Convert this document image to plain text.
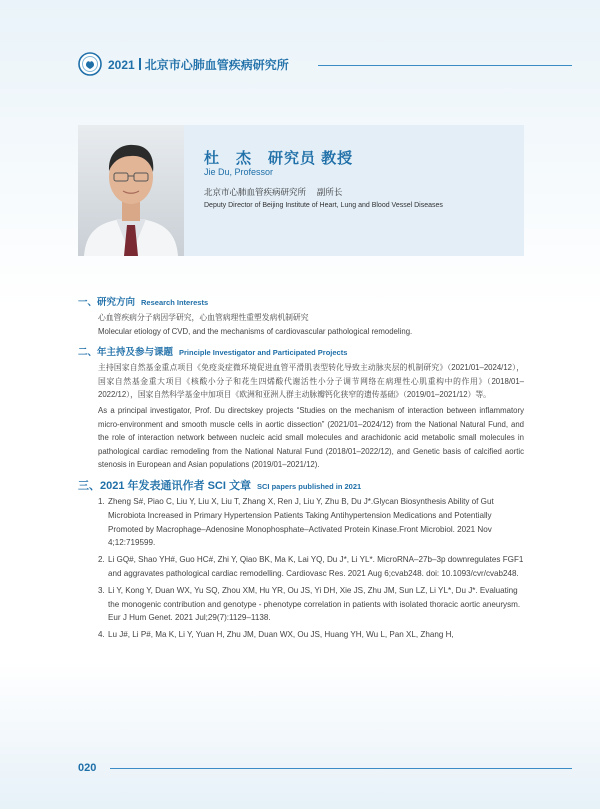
2021 北京市心肺血管疾病研究所
杜　杰　研究员 教授
Jie Du, Professor
北京市心肺血管疾病研究所　 副所长
Deputy Director of Beijing Institute of Heart, Lung and Blood Vessel Diseases
一、研究方向 Research Interests
心血管疾病分子病因学研究，心血管病理性重塑发病机制研究
Molecular etiology of CVD, and the mechanisms of cardiovascular pathological remodeling.
二、年主持及参与课题 Principle Investigator and Participated Projects
主持国家自然基金重点项目《免疫炎症微环境促进血管平滑肌表型转化导致主动脉夹层的机制研究》（2021/01–2024/12），国家自然基金重大项目《核酸小分子和花生四烯酸代谢活性小分子调节网络在病理性心肌重构中的作用》（2018/01–2022/12），国家自然科学基金中加项目《欧洲和亚洲人群主动脉瓣钙化狭窄的遗传基础》（2019/01–2021/12）等。
As a principal investigator, Prof. Du directskey projects “Studies on the mechanism of interaction between inflammatory micro-environment and smooth muscle cells in aortic dissection” (2021/01–2024/12) from the National Natural Fund, and the role of interaction network between nucleic acid small molecules and arachidonic acid metabolic small molecules in pathological cardiac remodeling from the National Natural Fund (2018/01–2022/12), and Genetic basis of calcified aortic stenosis in European and Asian populations (2019/01–2021/12).
三、2021 年发表通讯作者 SCI 文章 SCI papers published in 2021
1. Zheng S#, Piao C, Liu Y, Liu X, Liu T, Zhang X, Ren J, Liu Y, Zhu B, Du J*.Glycan Biosynthesis Ability of Gut Microbiota Increased in Primary Hypertension Patients Taking Antihypertension Medications and Potentially Promoted by Macrophage–Adenosine Monophosphate–Activated Protein Kinase.Front Microbiol. 2021 Nov 4;12:719599.
2. Li GQ#, Shao YH#, Guo HC#, Zhi Y, Qiao BK, Ma K, Lai YQ, Du J*, Li YL*. MicroRNA–27b–3p downregulates FGF1 and aggravates pathological cardiac remodelling. Cardiovasc Res. 2021 Aug 6;cvab248. doi: 10.1093/cvr/cvab248.
3. Li Y, Kong Y, Duan WX, Yu SQ, Zhou XM, Hu YR, Ou JS, Yi DH, Xie JS, Zhu JM, Sun LZ, Li YL*, Du J*. Evaluating the monogenic contribution and genotype - phenotype correlation in patients with isolated thoracic aortic aneurysm. Eur J Hum Genet. 2021 Jul;29(7):1129–1138.
4. Lu J#, Li P#, Ma K, Li Y, Yuan H, Zhu JM, Duan WX, Ou JS, Huang YH, Wu L, Pan XL, Zhang H,
020
